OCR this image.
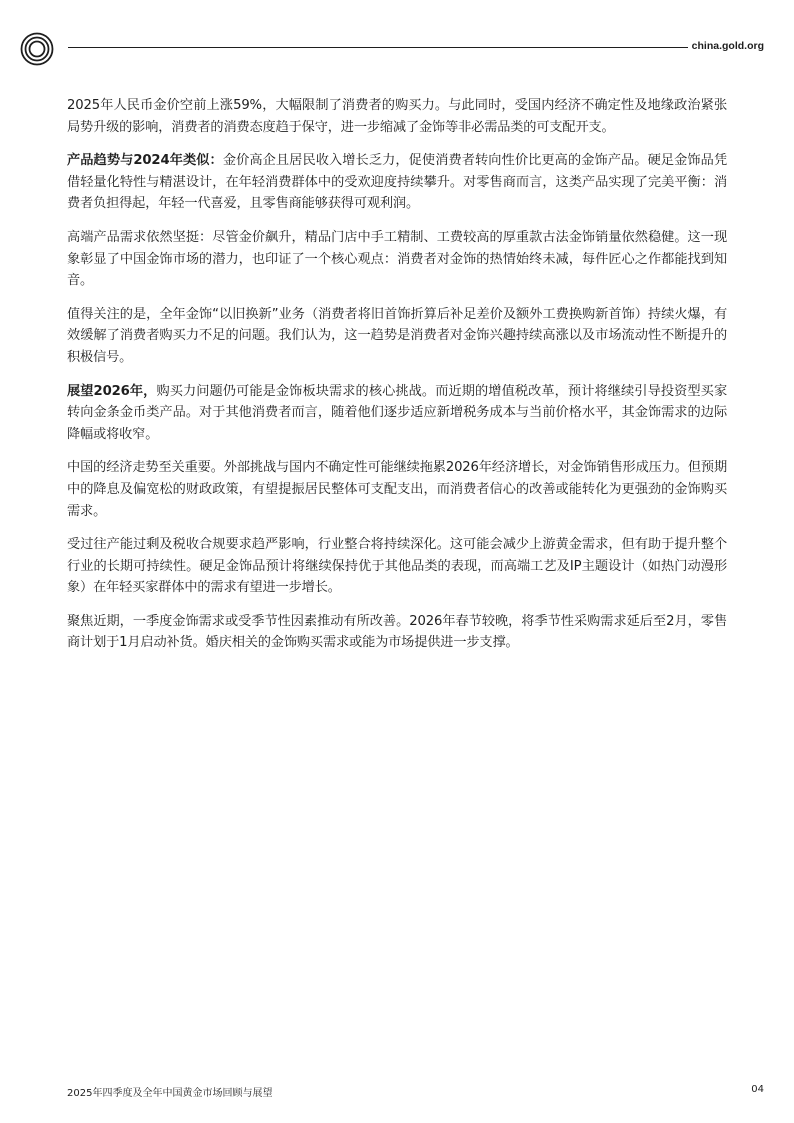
china.gold.org

2025年人民币金价空前上涨59%，大幅限制了消费者的购买力。与此同时，受国内经济不确定性及地缘政治紧张局势升级的影响，消费者的消费态度趋于保守，进一步缩减了金饰等非必需品类的可支配开支。

产品趋势与2024年类似：金价高企且居民收入增长乏力，促使消费者转向性价比更高的金饰产品。硬足金饰品凭借轻量化特性与精湛设计，在年轻消费群体中的受欢迎度持续攀升。对零售商而言，这类产品实现了完美平衡：消费者负担得起，年轻一代喜爱，且零售商能够获得可观利润。

高端产品需求依然坚挺：尽管金价飙升，精品门店中手工精制、工费较高的厚重款古法金饰销量依然稳健。这一现象彰显了中国金饰市场的潜力，也印证了一个核心观点：消费者对金饰的热情始终未减，每件匠心之作都能找到知音。

值得关注的是，全年金饰“以旧换新”业务（消费者将旧首饰折算后补足差价及额外工费换购新首饰）持续火爆，有效缓解了消费者购买力不足的问题。我们认为，这一趋势是消费者对金饰兴趣持续高涨以及市场流动性不断提升的积极信号。

展望2026年，购买力问题仍可能是金饰板块需求的核心挑战。而近期的增值税改革，预计将继续引导投资型买家转向金条金币类产品。对于其他消费者而言，随着他们逐步适应新增税务成本与当前价格水平，其金饰需求的边际降幅或将收窄。

中国的经济走势至关重要。外部挑战与国内不确定性可能继续拖累2026年经济增长，对金饰销售形成压力。但预期中的降息及偏宽松的财政政策，有望提振居民整体可支配支出，而消费者信心的改善或能转化为更强劲的金饰购买需求。

受过往产能过剩及税收合规要求趋严影响，行业整合将持续深化。这可能会减少上游黄金需求，但有助于提升整个行业的长期可持续性。硬足金饰品预计将继续保持优于其他品类的表现，而高端工艺及IP主题设计（如热门动漫形象）在年轻买家群体中的需求有望进一步增长。

聚焦近期，一季度金饰需求或受季节性因素推动有所改善。2026年春节较晚，将季节性采购需求延后至2月，零售商计划于1月启动补货。婚庆相关的金饰购买需求或能为市场提供进一步支撑。

2025年四季度及全年中国黄金市场回顾与展望	04
